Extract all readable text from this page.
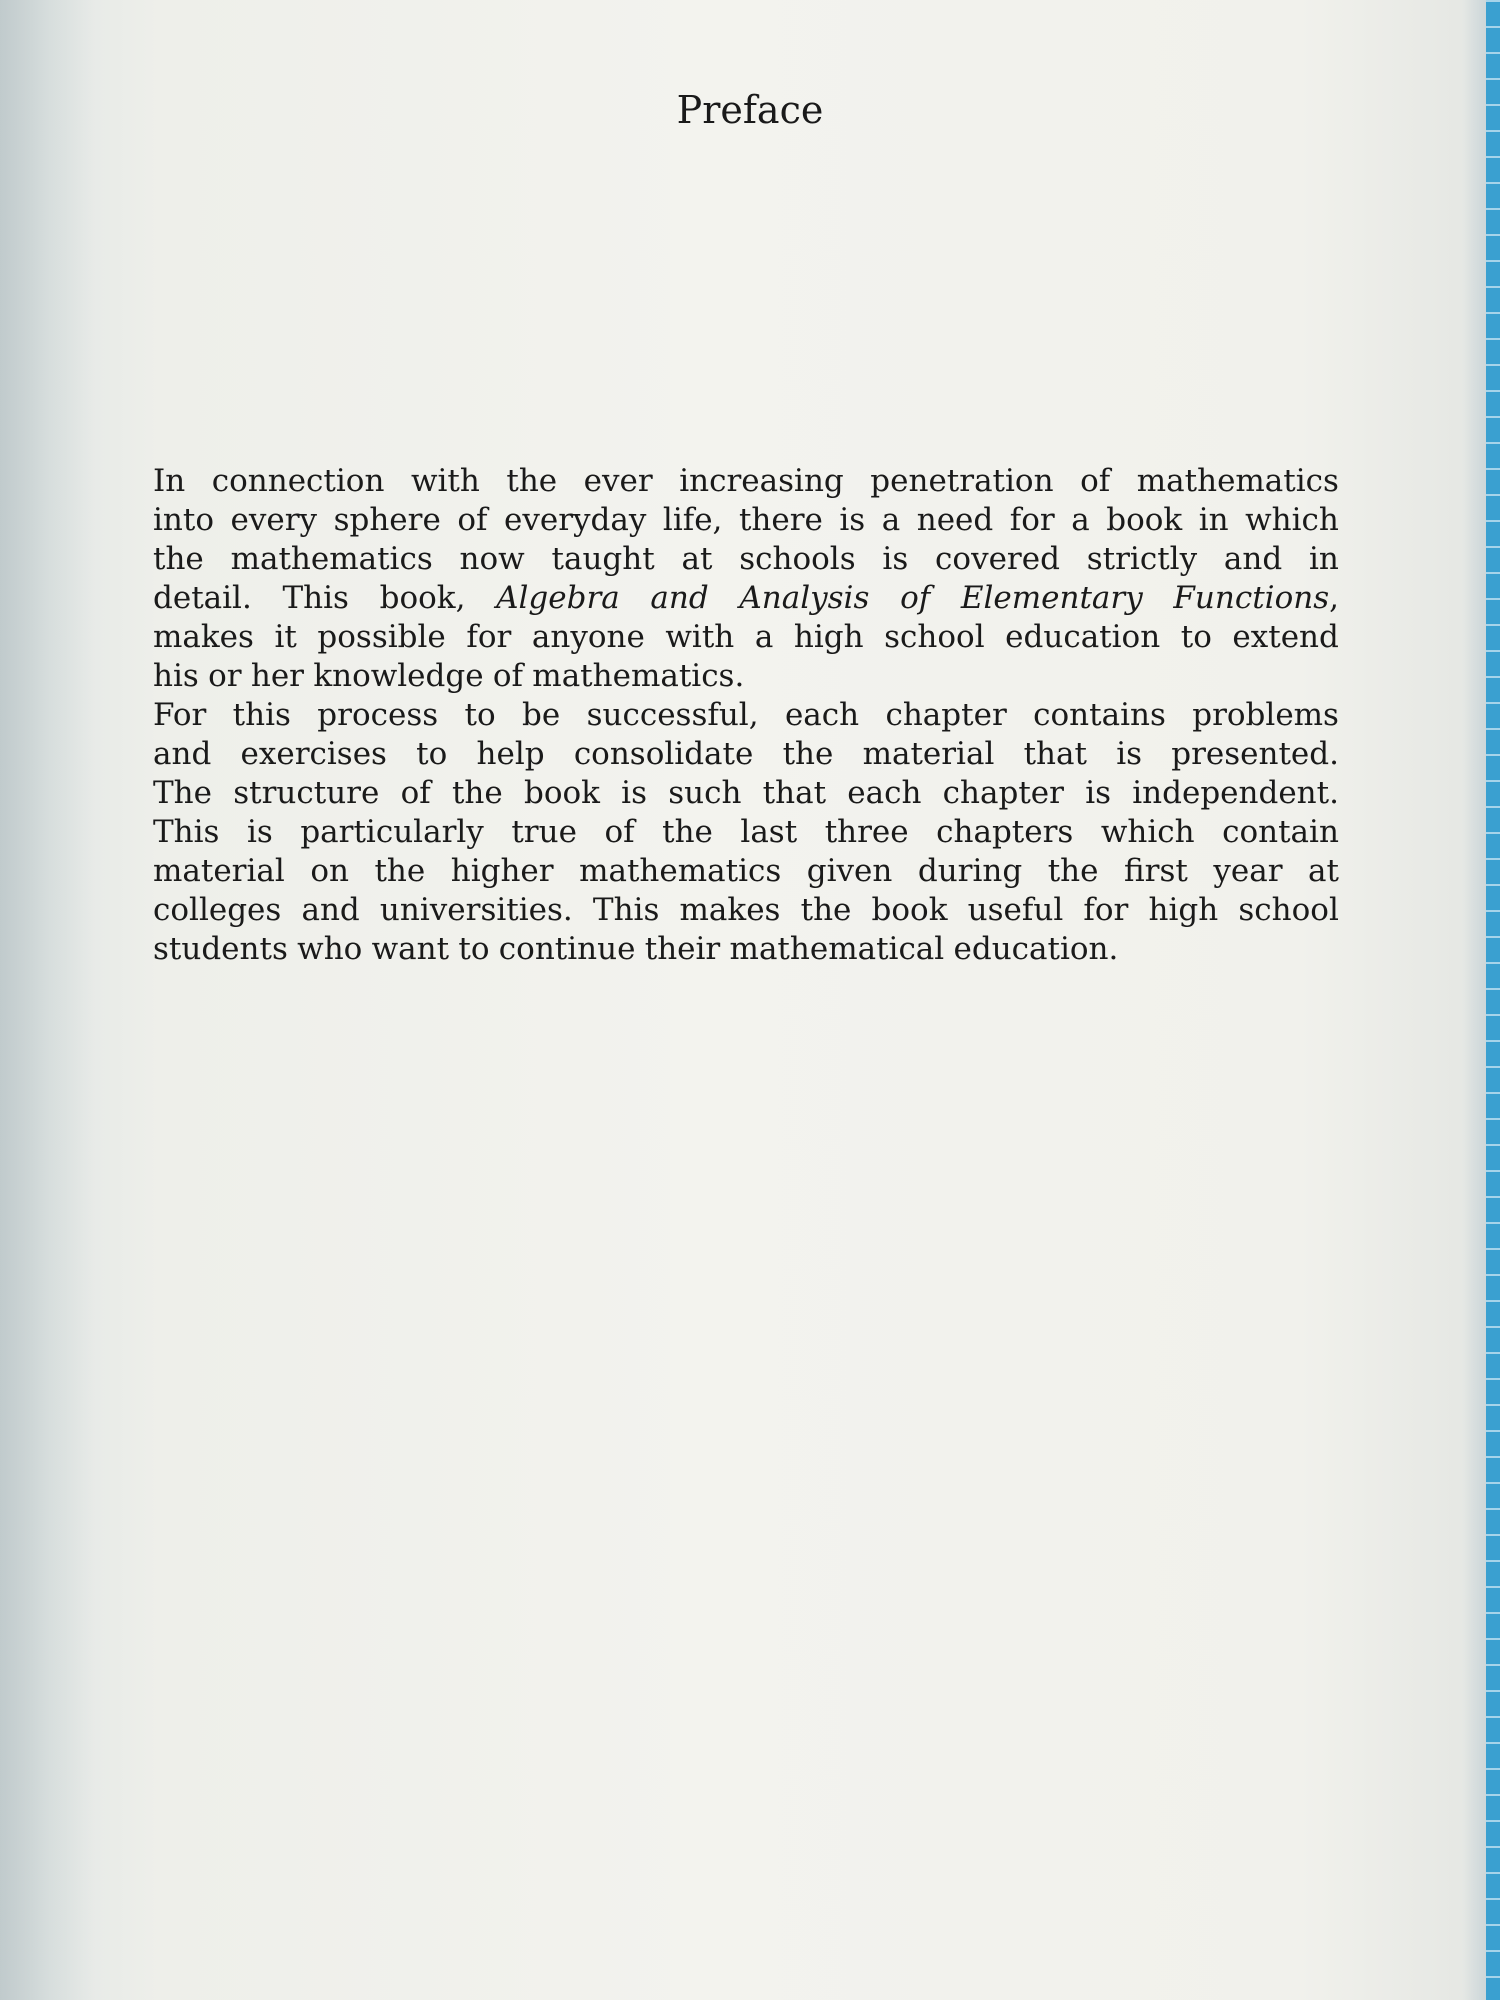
Preface
In connection with the ever increasing penetration of mathematics
into every sphere of everyday life, there is a need for a book in which
the mathematics now taught at schools is covered strictly and in
detail. This book, Algebra and Analysis of Elementary Functions,
makes it possible for anyone with a high school education to extend
his or her knowledge of mathematics.
For this process to be successful, each chapter contains problems
and exercises to help consolidate the material that is presented.
The structure of the book is such that each chapter is independent.
This is particularly true of the last three chapters which contain
material on the higher mathematics given during the first year at
colleges and universities. This makes the book useful for high school
students who want to continue their mathematical education.
